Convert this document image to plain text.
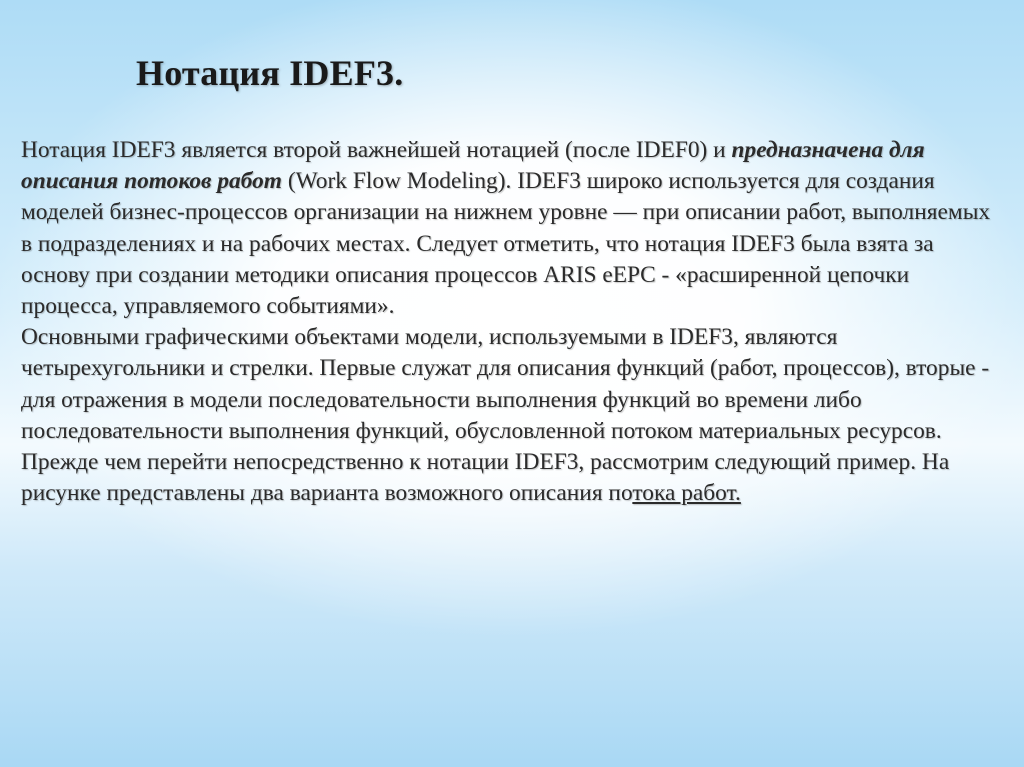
Нотация IDEF3.

Нотация IDEF3 является второй важнейшей нотацией (после IDEF0) и предназначена для описания потоков работ (Work Flow Modeling). IDEF3 широко используется для создания моделей бизнес-процессов организации на нижнем уровне — при описании работ, выполняемых в подразделениях и на рабочих местах. Следует отметить, что нотация IDEF3 была взята за основу при создании методики описания процессов ARIS eEPC - «расширенной цепочки процесса, управляемого событиями».

Основными графическими объектами модели, используемыми в IDEF3, являются четырехугольники и стрелки. Первые служат для описания функций (работ, процессов), вторые - для отражения в модели последовательности выполнения функций во времени либо последовательности выполнения функций, обусловленной потоком материальных ресурсов. Прежде чем перейти непосредственно к нотации IDEF3, рассмотрим следующий пример. На рисунке представлены два варианта возможного описания потока работ.
